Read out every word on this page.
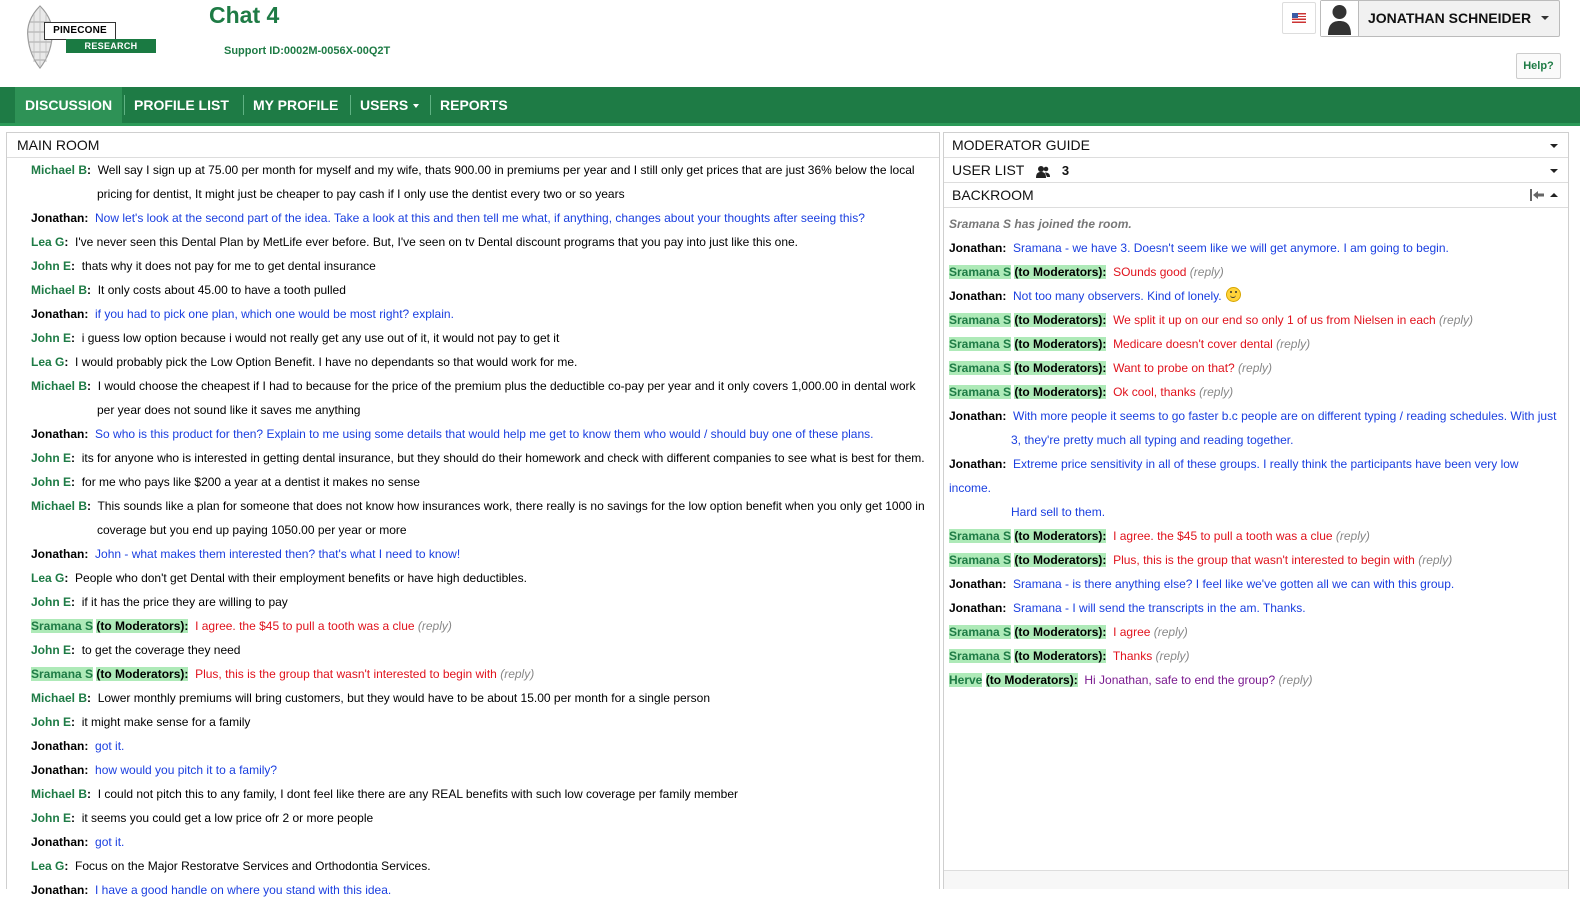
PINECONE
RESEARCH
Chat 4
Support ID:0002M-0056X-00Q2T
JONATHAN SCHNEIDER
Help?
DISCUSSION	PROFILE LIST	MY PROFILE	USERS	REPORTS
MAIN ROOM
Michael B: Well say I sign up at 75.00 per month for myself and my wife, thats 900.00 in premiums per year and I still only get prices that are just 36% below the local
pricing for dentist, It might just be cheaper to pay cash if I only use the dentist every two or so years
Jonathan: Now let's look at the second part of the idea. Take a look at this and then tell me what, if anything, changes about your thoughts after seeing this?
Lea G: I've never seen this Dental Plan by MetLife ever before. But, I've seen on tv Dental discount programs that you pay into just like this one.
John E: thats why it does not pay for me to get dental insurance
Michael B: It only costs about 45.00 to have a tooth pulled
Jonathan: if you had to pick one plan, which one would be most right? explain.
John E: i guess low option because i would not really get any use out of it, it would not pay to get it
Lea G: I would probably pick the Low Option Benefit. I have no dependants so that would work for me.
Michael B: I would choose the cheapest if I had to because for the price of the premium plus the deductible co-pay per year and it only covers 1,000.00 in dental work
per year does not sound like it saves me anything
Jonathan: So who is this product for then? Explain to me using some details that would help me get to know them who would / should buy one of these plans.
John E: its for anyone who is interested in getting dental insurance, but they should do their homework and check with different companies to see what is best for them.
John E: for me who pays like $200 a year at a dentist it makes no sense
Michael B: This sounds like a plan for someone that does not know how insurances work, there really is no savings for the low option benefit when you only get 1000 in
coverage but you end up paying 1050.00 per year or more
Jonathan: John - what makes them interested then? that's what I need to know!
Lea G: People who don't get Dental with their employment benefits or have high deductibles.
John E: if it has the price they are willing to pay
Sramana S (to Moderators): I agree. the $45 to pull a tooth was a clue (reply)
John E: to get the coverage they need
Sramana S (to Moderators): Plus, this is the group that wasn't interested to begin with (reply)
Michael B: Lower monthly premiums will bring customers, but they would have to be about 15.00 per month for a single person
John E: it might make sense for a family
Jonathan: got it.
Jonathan: how would you pitch it to a family?
Michael B: I could not pitch this to any family, I dont feel like there are any REAL benefits with such low coverage per family member
John E: it seems you could get a low price ofr 2 or more people
Jonathan: got it.
Lea G: Focus on the Major Restoratve Services and Orthodontia Services.
Jonathan: I have a good handle on where you stand with this idea.
MODERATOR GUIDE
USER LIST	3
BACKROOM
Sramana S has joined the room.
Jonathan: Sramana - we have 3. Doesn't seem like we will get anymore. I am going to begin.
Sramana S (to Moderators): SOunds good (reply)
Jonathan: Not too many observers. Kind of lonely.
Sramana S (to Moderators): We split it up on our end so only 1 of us from Nielsen in each (reply)
Sramana S (to Moderators): Medicare doesn't cover dental (reply)
Sramana S (to Moderators): Want to probe on that? (reply)
Sramana S (to Moderators): Ok cool, thanks (reply)
Jonathan: With more people it seems to go faster b.c people are on different typing / reading schedules. With just
3, they're pretty much all typing and reading together.
Jonathan: Extreme price sensitivity in all of these groups. I really think the participants have been very low income.
Hard sell to them.
Sramana S (to Moderators): I agree. the $45 to pull a tooth was a clue (reply)
Sramana S (to Moderators): Plus, this is the group that wasn't interested to begin with (reply)
Jonathan: Sramana - is there anything else? I feel like we've gotten all we can with this group.
Jonathan: Sramana - I will send the transcripts in the am. Thanks.
Sramana S (to Moderators): I agree (reply)
Sramana S (to Moderators): Thanks (reply)
Herve (to Moderators): Hi Jonathan, safe to end the group? (reply)
